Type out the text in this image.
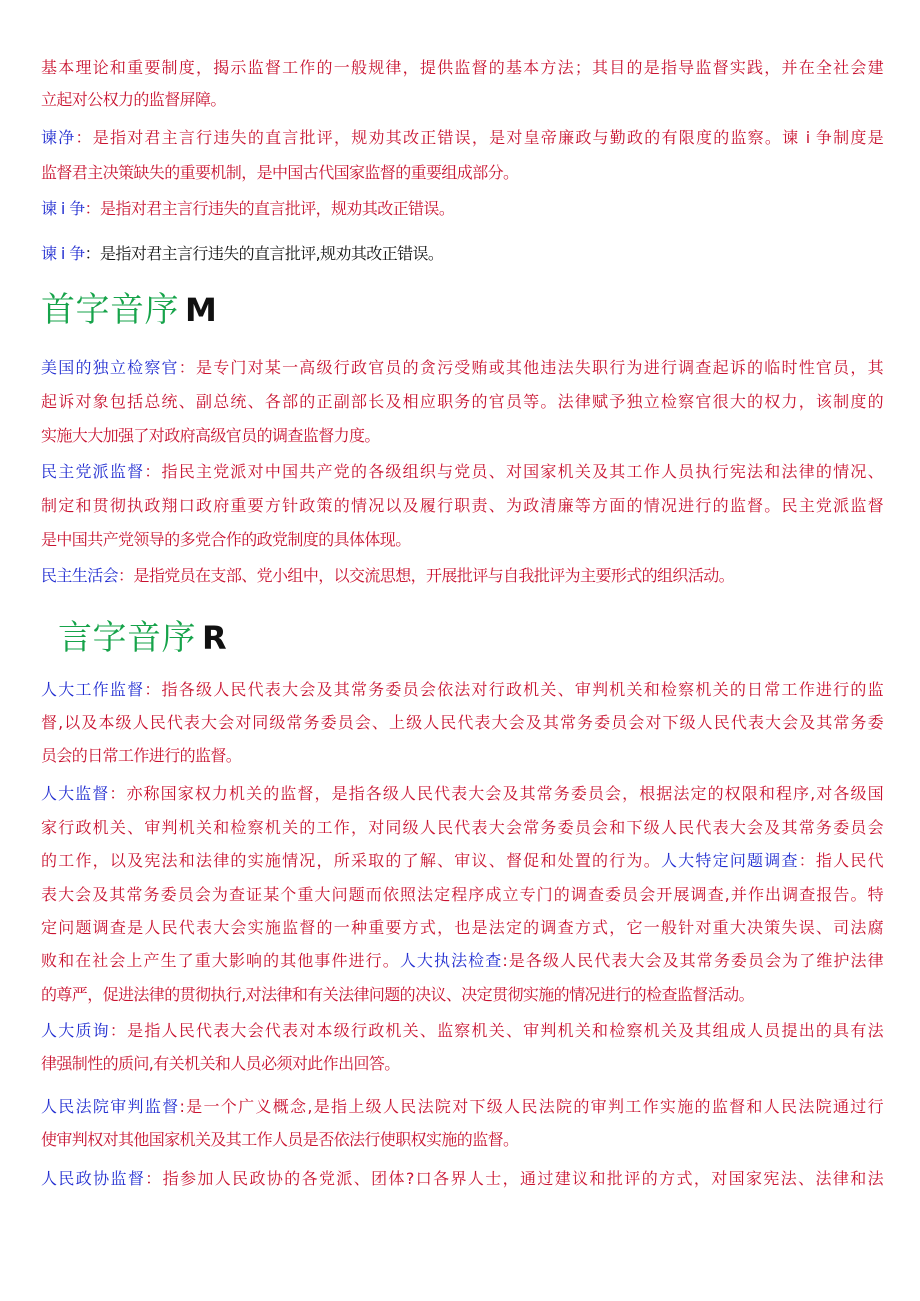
基本理论和重要制度，揭示监督工作的一般规律，提供监督的基本方法；其目的是指导监督实践，并在全社会建
立起对公权力的监督屏障。
谏净：是指对君主言行违失的直言批评，规劝其改正错误，是对皇帝廉政与勤政的有限度的监察。谏 i 争制度是
监督君主决策缺失的重要机制，是中国古代国家监督的重要组成部分。
谏 i 争：是指对君主言行违失的直言批评，规劝其改正错误。
谏 i 争：是指对君主言行违失的直言批评,规劝其改正错误。
首字音序 M
美国的独立检察官：是专门对某一高级行政官员的贪污受贿或其他违法失职行为进行调查起诉的临时性官员，其
起诉对象包括总统、副总统、各部的正副部长及相应职务的官员等。法律赋予独立检察官很大的权力，该制度的
实施大大加强了对政府高级官员的调查监督力度。
民主党派监督：指民主党派对中国共产党的各级组织与党员、对国家机关及其工作人员执行宪法和法律的情况、
制定和贯彻执政翔口政府重要方针政策的情况以及履行职责、为政清廉等方面的情况进行的监督。民主党派监督
是中国共产党领导的多党合作的政党制度的具体体现。
民主生活会：是指党员在支部、党小组中，以交流思想，开展批评与自我批评为主要形式的组织活动。
言字音序 R
人大工作监督：指各级人民代表大会及其常务委员会依法对行政机关、审判机关和检察机关的日常工作进行的监
督,以及本级人民代表大会对同级常务委员会、上级人民代表大会及其常务委员会对下级人民代表大会及其常务委
员会的日常工作进行的监督。
人大监督：亦称国家权力机关的监督，是指各级人民代表大会及其常务委员会，根据法定的权限和程序,对各级国
家行政机关、审判机关和检察机关的工作，对同级人民代表大会常务委员会和下级人民代表大会及其常务委员会
的工作，以及宪法和法律的实施情况，所采取的了解、审议、督促和处置的行为。人大特定问题调查：指人民代
表大会及其常务委员会为查证某个重大问题而依照法定程序成立专门的调查委员会开展调查,并作出调查报告。特
定问题调查是人民代表大会实施监督的一种重要方式，也是法定的调查方式，它一般针对重大决策失误、司法腐
败和在社会上产生了重大影响的其他事件进行。人大执法检查:是各级人民代表大会及其常务委员会为了维护法律
的尊严，促进法律的贯彻执行,对法律和有关法律问题的决议、决定贯彻实施的情况进行的检查监督活动。
人大质询：是指人民代表大会代表对本级行政机关、监察机关、审判机关和检察机关及其组成人员提出的具有法
律强制性的质问,有关机关和人员必须对此作出回答。
人民法院审判监督:是一个广义概念,是指上级人民法院对下级人民法院的审判工作实施的监督和人民法院通过行
使审判权对其他国家机关及其工作人员是否依法行使职权实施的监督。
人民政协监督：指参加人民政协的各党派、团体?口各界人士，通过建议和批评的方式，对国家宪法、法律和法
